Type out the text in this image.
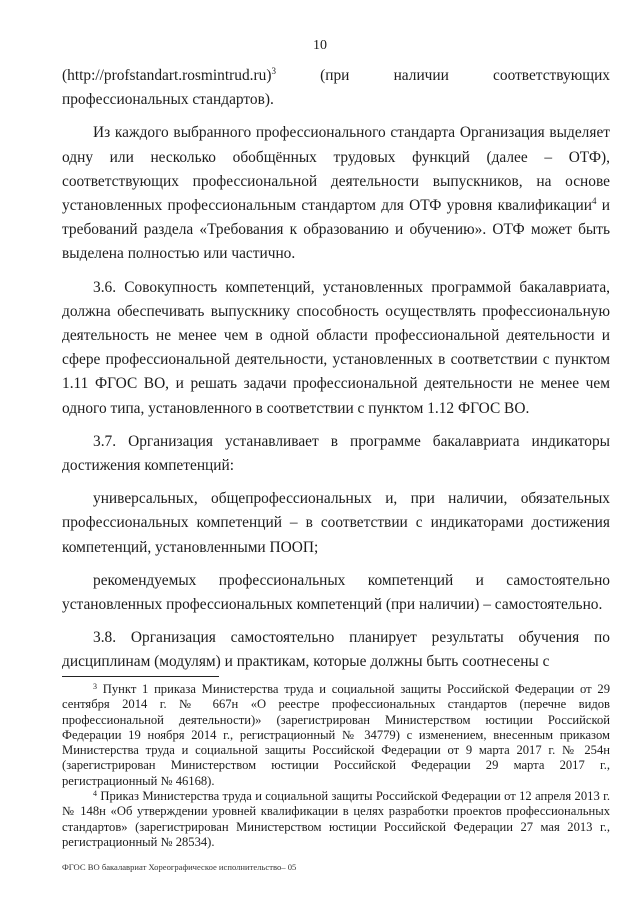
10

(http://profstandart.rosmintrud.ru)$^3$ (при наличии соответствующих профессиональных стандартов).

Из каждого выбранного профессионального стандарта Организация выделяет одну или несколько обобщённых трудовых функций (далее – ОТФ), соответствующих профессиональной деятельности выпускников, на основе установленных профессиональным стандартом для ОТФ уровня квалификации$^4$ и требований раздела «Требования к образованию и обучению». ОТФ может быть выделена полностью или частично.

3.6. Совокупность компетенций, установленных программой бакалавриата, должна обеспечивать выпускнику способность осуществлять профессиональную деятельность не менее чем в одной области профессиональной деятельности и сфере профессиональной деятельности, установленных в соответствии с пунктом 1.11 ФГОС ВО, и решать задачи профессиональной деятельности не менее чем одного типа, установленного в соответствии с пунктом 1.12 ФГОС ВО.

3.7. Организация устанавливает в программе бакалавриата индикаторы достижения компетенций:

универсальных, общепрофессиональных и, при наличии, обязательных профессиональных компетенций – в соответствии с индикаторами достижения компетенций, установленными ПООП;

рекомендуемых профессиональных компетенций и самостоятельно установленных профессиональных компетенций (при наличии) – самостоятельно.

3.8. Организация самостоятельно планирует результаты обучения по дисциплинам (модулям) и практикам, которые должны быть соотнесены с

$^3$ Пункт 1 приказа Министерства труда и социальной защиты Российской Федерации от 29 сентября 2014 г. № 667н «О реестре профессиональных стандартов (перечне видов профессиональной деятельности)» (зарегистрирован Министерством юстиции Российской Федерации 19 ноября 2014 г., регистрационный № 34779) с изменением, внесенным приказом Министерства труда и социальной защиты Российской Федерации от 9 марта 2017 г. № 254н (зарегистрирован Министерством юстиции Российской Федерации 29 марта 2017 г., регистрационный № 46168).

$^4$ Приказ Министерства труда и социальной защиты Российской Федерации от 12 апреля 2013 г. № 148н «Об утверждении уровней квалификации в целях разработки проектов профессиональных стандартов» (зарегистрирован Министерством юстиции Российской Федерации 27 мая 2013 г., регистрационный № 28534).

ФГОС ВО бакалавриат Хореографическое исполнительство– 05
